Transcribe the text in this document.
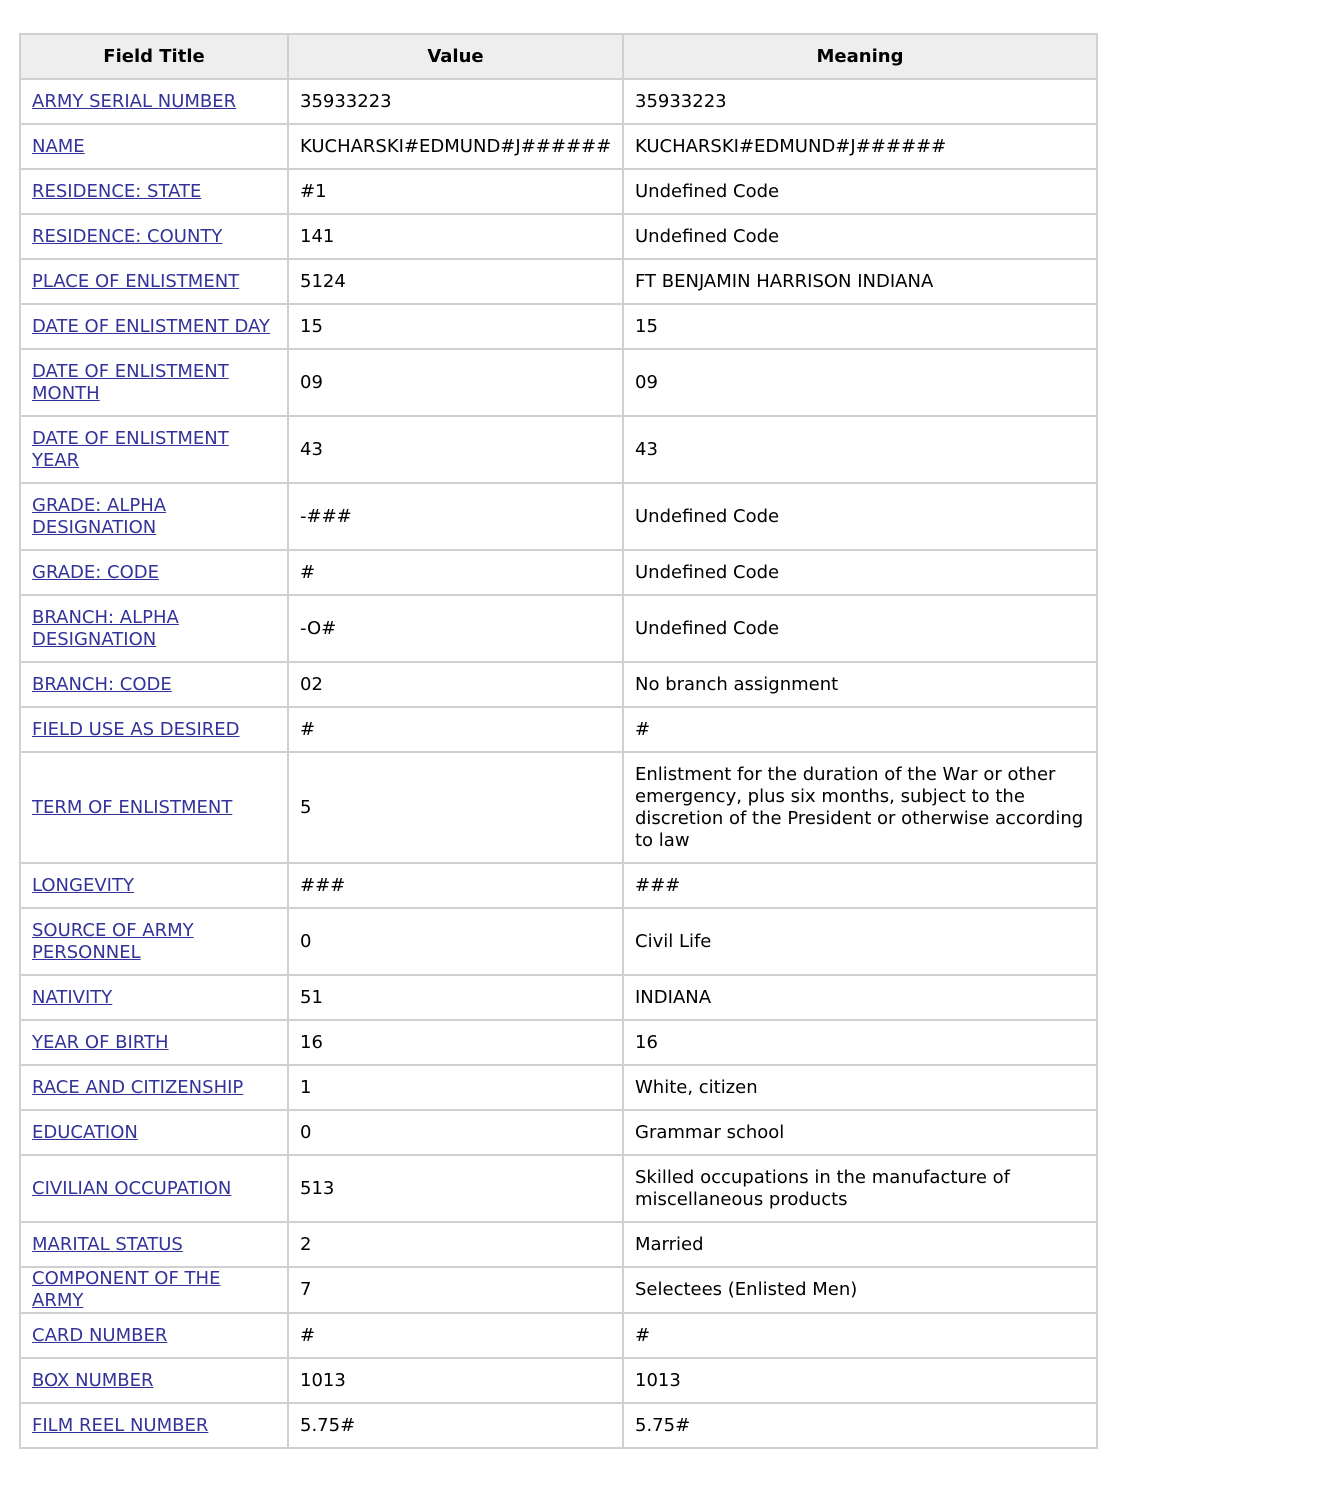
Field Title	Value	Meaning
ARMY SERIAL NUMBER	35933223	35933223
NAME	KUCHARSKI#EDMUND#J######	KUCHARSKI#EDMUND#J######
RESIDENCE: STATE	#1	Undefined Code
RESIDENCE: COUNTY	141	Undefined Code
PLACE OF ENLISTMENT	5124	FT BENJAMIN HARRISON INDIANA
DATE OF ENLISTMENT DAY	15	15
DATE OF ENLISTMENT MONTH	09	09
DATE OF ENLISTMENT YEAR	43	43
GRADE: ALPHA DESIGNATION	-###	Undefined Code
GRADE: CODE	#	Undefined Code
BRANCH: ALPHA DESIGNATION	-O#	Undefined Code
BRANCH: CODE	02	No branch assignment
FIELD USE AS DESIRED	#	#
TERM OF ENLISTMENT	5	Enlistment for the duration of the War or other emergency, plus six months, subject to the discretion of the President or otherwise according to law
LONGEVITY	###	###
SOURCE OF ARMY PERSONNEL	0	Civil Life
NATIVITY	51	INDIANA
YEAR OF BIRTH	16	16
RACE AND CITIZENSHIP	1	White, citizen
EDUCATION	0	Grammar school
CIVILIAN OCCUPATION	513	Skilled occupations in the manufacture of miscellaneous products
MARITAL STATUS	2	Married
COMPONENT OF THE ARMY	7	Selectees (Enlisted Men)
CARD NUMBER	#	#
BOX NUMBER	1013	1013
FILM REEL NUMBER	5.75#	5.75#
